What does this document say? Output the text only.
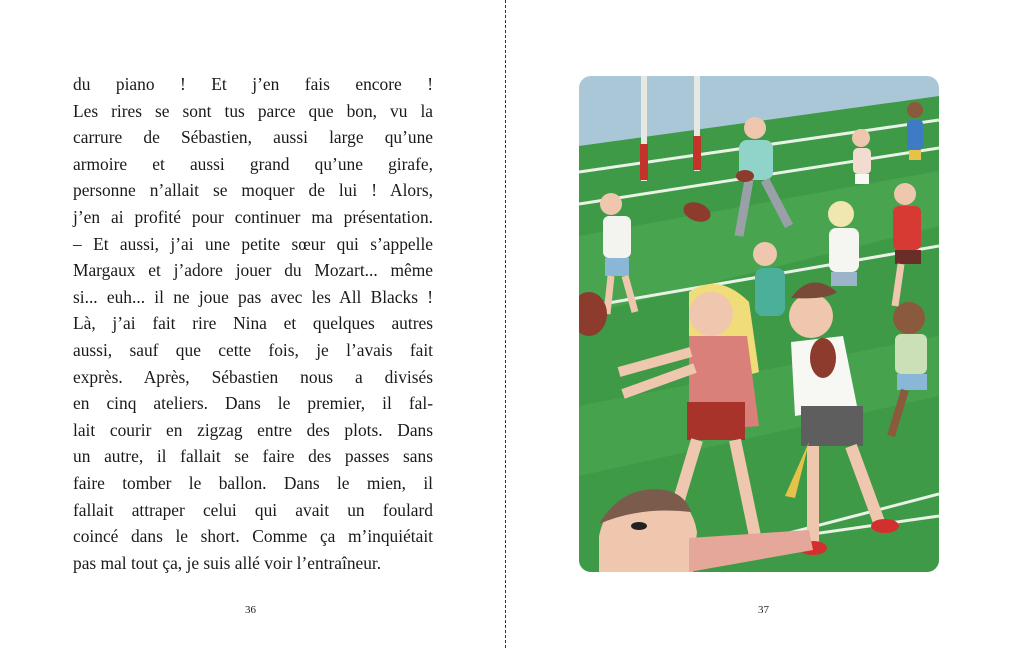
du piano ! Et j’en fais encore !
Les rires se sont tus parce que bon, vu la
carrure de Sébastien, aussi large qu’une
armoire et aussi grand qu’une girafe,
personne n’allait se moquer de lui ! Alors,
j’en ai profité pour continuer ma présentation.
– Et aussi, j’ai une petite sœur qui s’appelle
Margaux et j’adore jouer du Mozart... même
si... euh... il ne joue pas avec les All Blacks !
Là, j’ai fait rire Nina et quelques autres
aussi, sauf que cette fois, je l’avais fait
exprès. Après, Sébastien nous a divisés
en cinq ateliers. Dans le premier, il fal-
lait courir en zigzag entre des plots. Dans
un autre, il fallait se faire des passes sans
faire tomber le ballon. Dans le mien, il
fallait attraper celui qui avait un foulard
coincé dans le short. Comme ça m’inquiétait
pas mal tout ça, je suis allé voir l’entraîneur.
36	37
